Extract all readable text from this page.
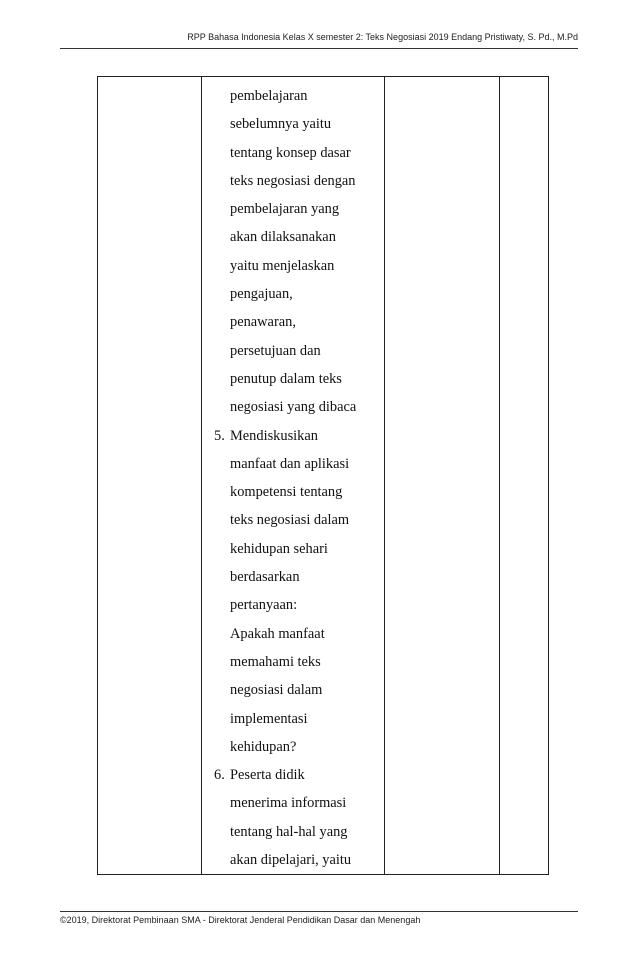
RPP Bahasa Indonesia Kelas X semester 2: Teks Negosiasi 2019 Endang Pristiwaty, S. Pd., M.Pd

pembelajaran
sebelumnya yaitu
tentang konsep dasar
teks negosiasi dengan
pembelajaran yang
akan dilaksanakan
yaitu menjelaskan
pengajuan,
penawaran,
persetujuan dan
penutup dalam teks
negosiasi yang dibaca
5. Mendiskusikan
manfaat dan aplikasi
kompetensi tentang
teks negosiasi dalam
kehidupan sehari
berdasarkan
pertanyaan:
Apakah manfaat
memahami teks
negosiasi dalam
implementasi
kehidupan?
6. Peserta didik
menerima informasi
tentang hal-hal yang
akan dipelajari, yaitu

©2019, Direktorat Pembinaan SMA - Direktorat Jenderal Pendidikan Dasar dan Menengah
